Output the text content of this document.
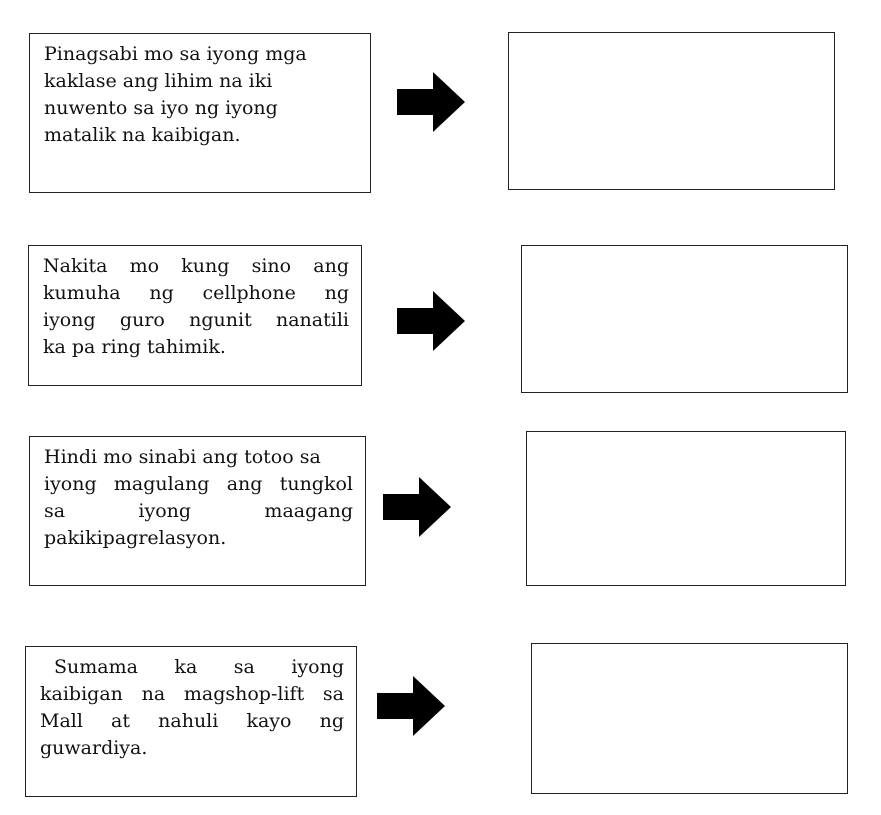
Pinagsabi mo sa iyong mga
kaklase ang lihim na iki
nuwento sa iyo ng iyong
matalik na kaibigan.
Nakita mo kung sino ang
kumuha ng cellphone ng
iyong guro ngunit nanatili
ka pa ring tahimik.
Hindi mo sinabi ang totoo sa
iyong magulang ang tungkol
sa iyong maagang
pakikipagrelasyon.
Sumama ka sa iyong
kaibigan na magshop-lift sa
Mall at nahuli kayo ng
guwardiya.
